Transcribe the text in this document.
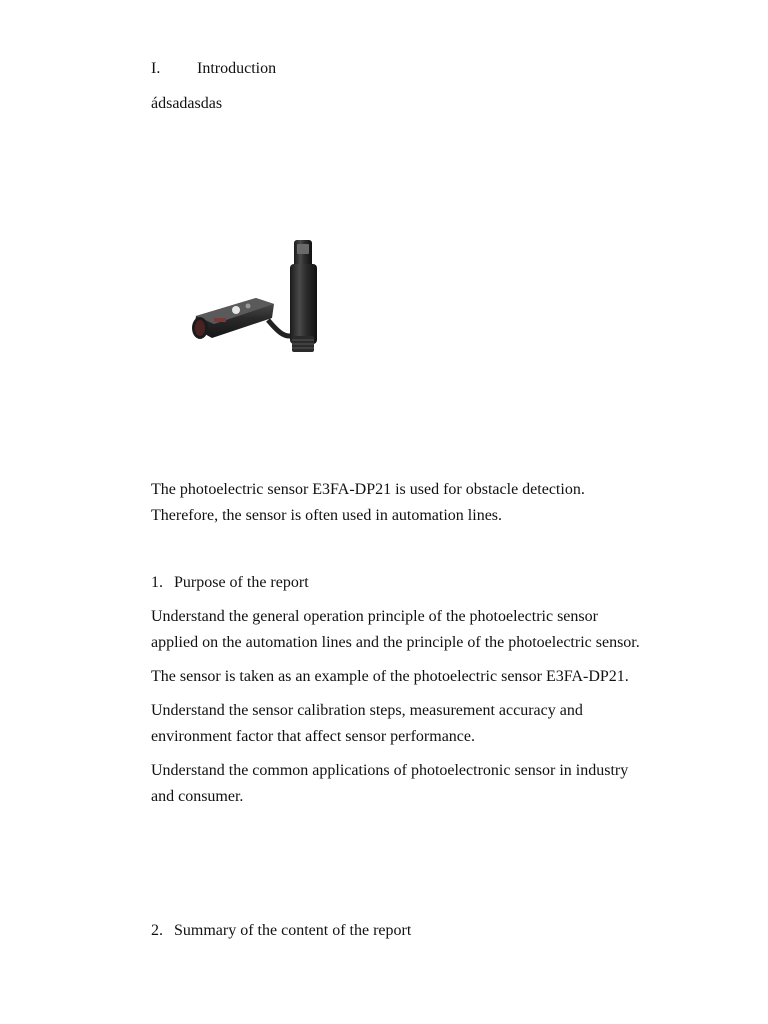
I. Introduction
ádsadasdas
The photoelectric sensor E3FA-DP21 is used for obstacle detection.
Therefore, the sensor is often used in automation lines.
1. Purpose of the report
Understand the general operation principle of the photoelectric sensor
applied on the automation lines and the principle of the photoelectric sensor.
The sensor is taken as an example of the photoelectric sensor E3FA-DP21.
Understand the sensor calibration steps, measurement accuracy and
environment factor that affect sensor performance.
Understand the common applications of photoelectronic sensor in industry
and consumer.
2. Summary of the content of the report
